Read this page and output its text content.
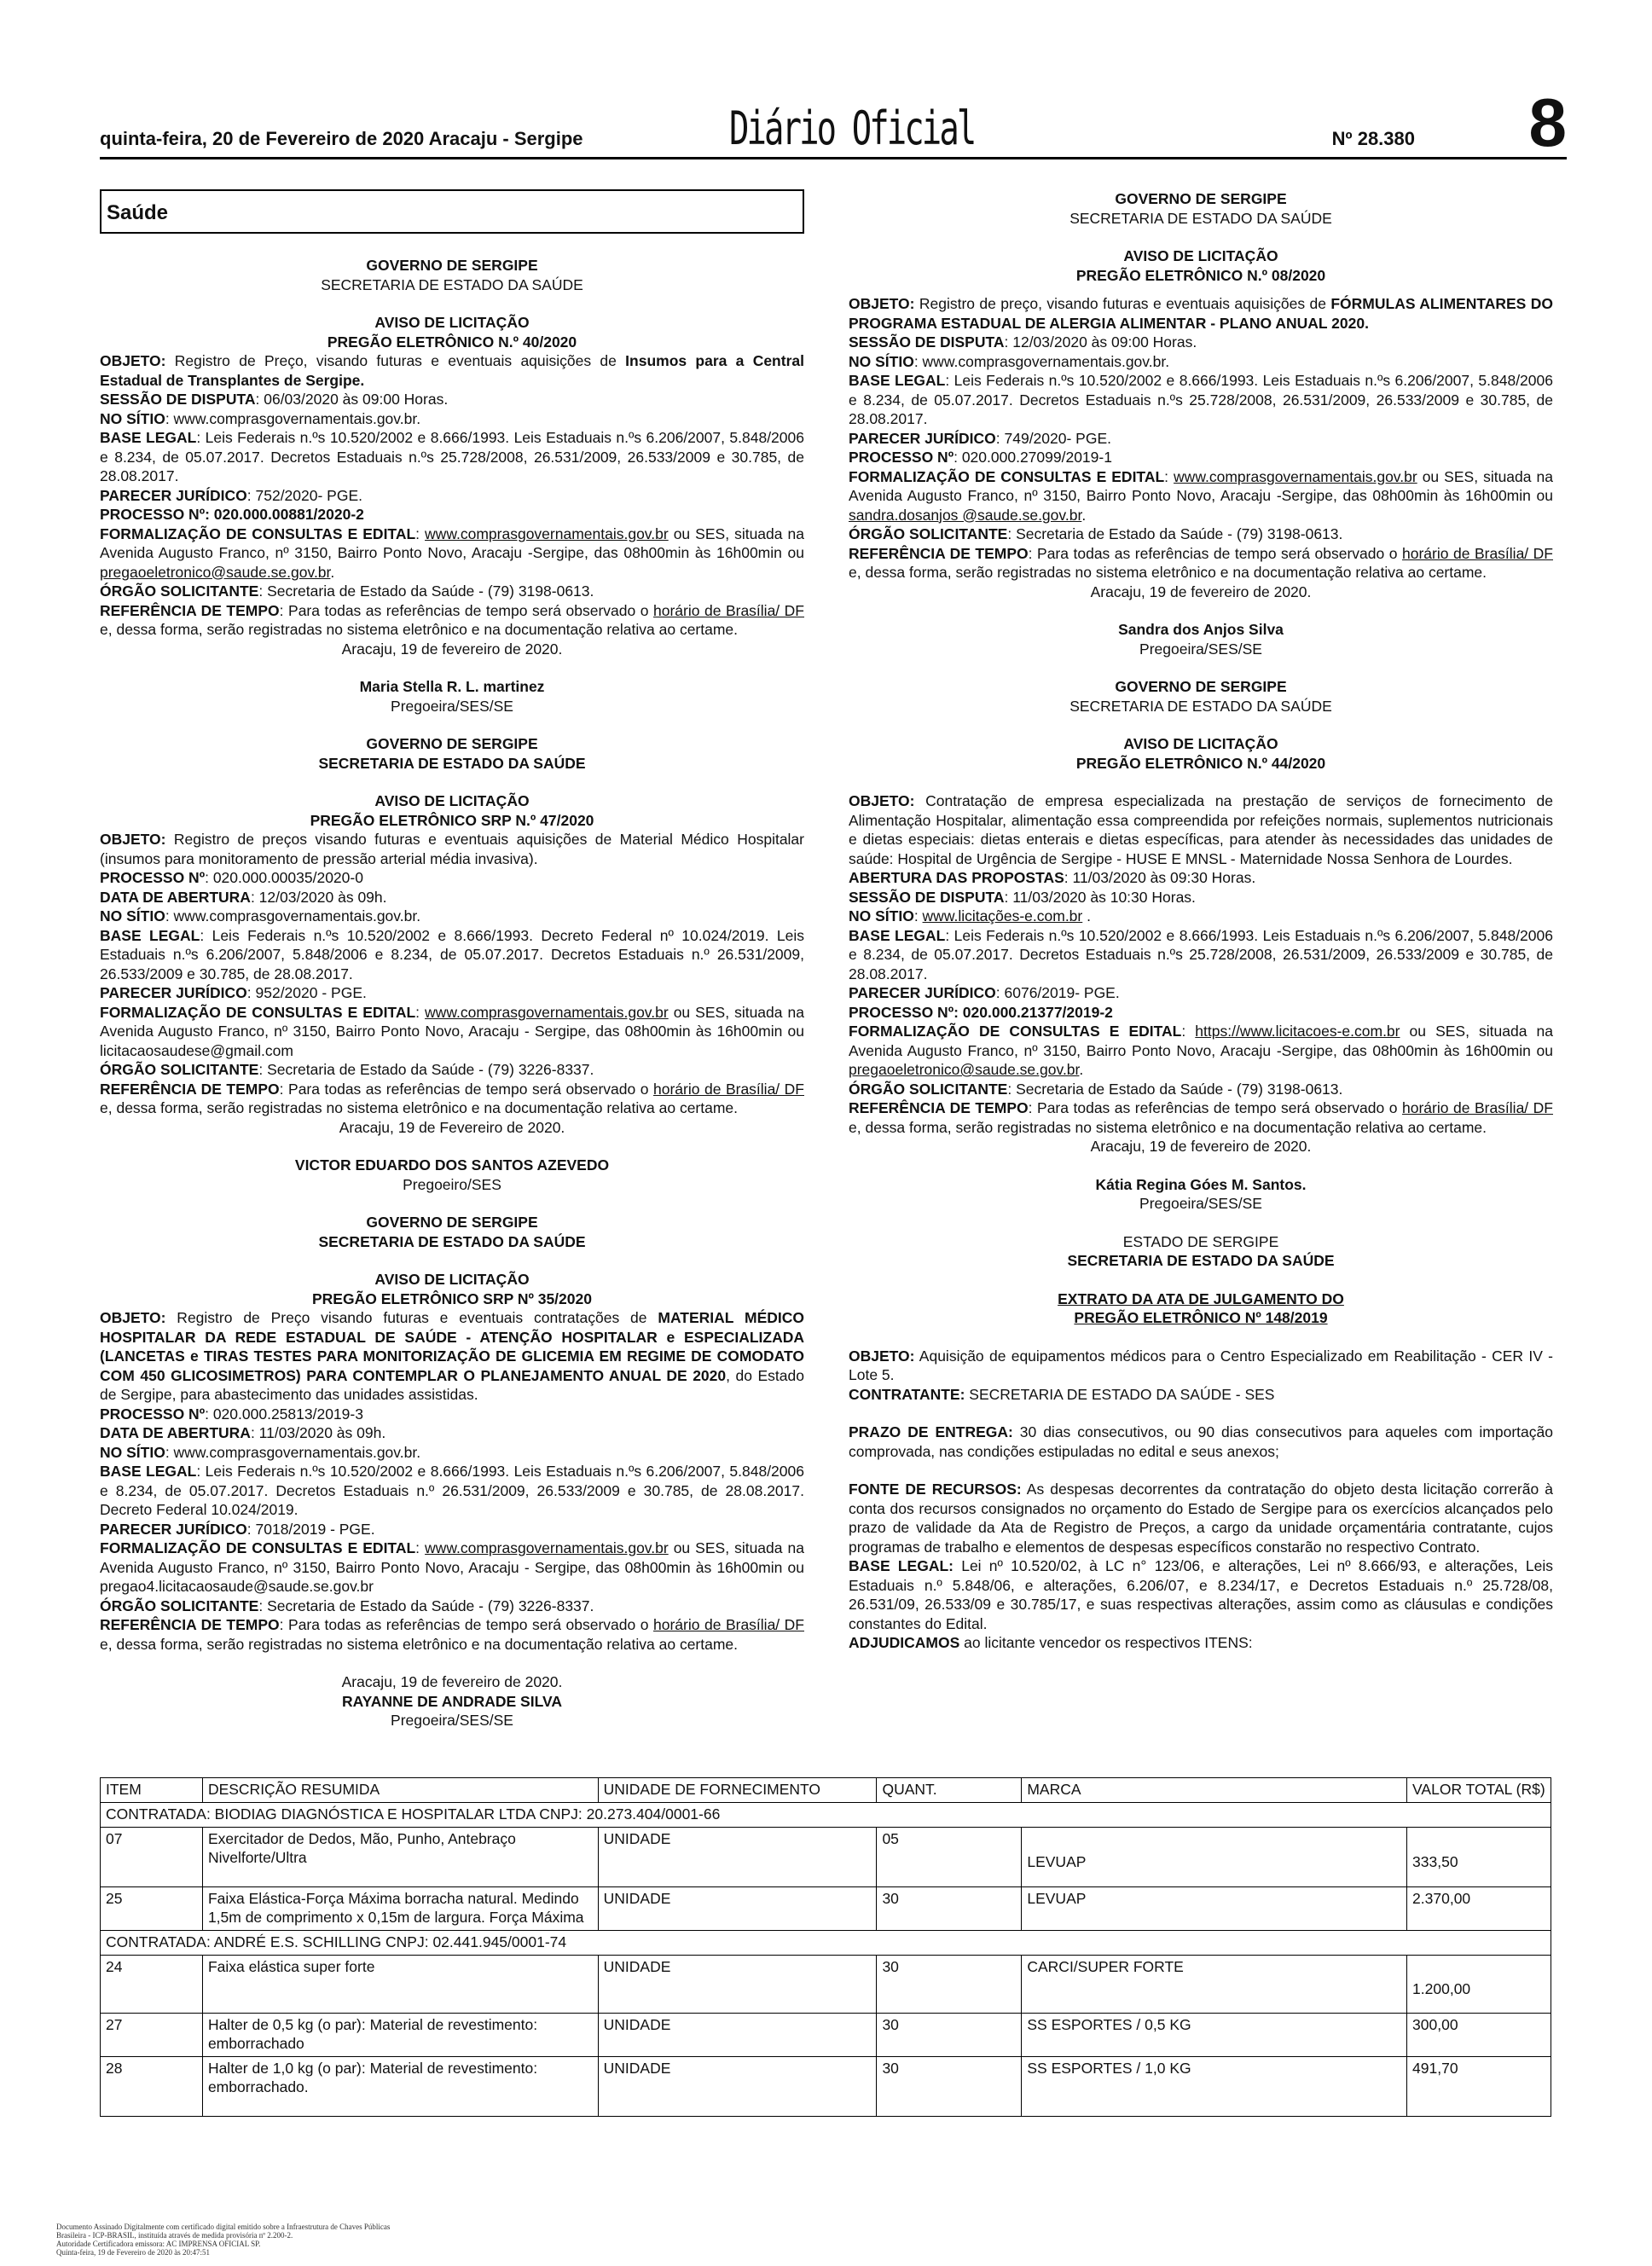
quinta-feira, 20 de Fevereiro de 2020 Aracaju - Sergipe	Diário Oficial	Nº 28.380 8
Saúde
GOVERNO DE SERGIPE
SECRETARIA DE ESTADO DA SAÚDE
AVISO DE LICITAÇÃO
PREGÃO ELETRÔNICO N.º 40/2020
OBJETO: Registro de Preço, visando futuras e eventuais aquisições de Insumos para a Central Estadual de Transplantes de Sergipe.
SESSÃO DE DISPUTA: 06/03/2020 às 09:00 Horas.
NO SÍTIO: www.comprasgovernamentais.gov.br.
BASE LEGAL: Leis Federais n.ºs 10.520/2002 e 8.666/1993. Leis Estaduais n.ºs 6.206/2007, 5.848/2006 e 8.234, de 05.07.2017. Decretos Estaduais n.ºs 25.728/2008, 26.531/2009, 26.533/2009 e 30.785, de 28.08.2017.
PARECER JURÍDICO: 752/2020- PGE.
PROCESSO Nº: 020.000.00881/2020-2
FORMALIZAÇÃO DE CONSULTAS E EDITAL: www.comprasgovernamentais.gov.br ou SES, situada na Avenida Augusto Franco, nº 3150, Bairro Ponto Novo, Aracaju -Sergipe, das 08h00min às 16h00min ou pregaoeletronico@saude.se.gov.br.
ÓRGÃO SOLICITANTE: Secretaria de Estado da Saúde - (79) 3198-0613.
REFERÊNCIA DE TEMPO: Para todas as referências de tempo será observado o horário de Brasília/ DF e, dessa forma, serão registradas no sistema eletrônico e na documentação relativa ao certame.
Aracaju, 19 de fevereiro de 2020.
Maria Stella R. L. martinez
Pregoeira/SES/SE
GOVERNO DE SERGIPE
SECRETARIA DE ESTADO DA SAÚDE
AVISO DE LICITAÇÃO
PREGÃO ELETRÔNICO SRP N.º 47/2020
OBJETO: Registro de preços visando futuras e eventuais aquisições de Material Médico Hospitalar (insumos para monitoramento de pressão arterial média invasiva).
PROCESSO Nº: 020.000.00035/2020-0
DATA DE ABERTURA: 12/03/2020 às 09h.
NO SÍTIO: www.comprasgovernamentais.gov.br.
BASE LEGAL: Leis Federais n.ºs 10.520/2002 e 8.666/1993. Decreto Federal nº 10.024/2019. Leis Estaduais n.ºs 6.206/2007, 5.848/2006 e 8.234, de 05.07.2017. Decretos Estaduais n.º 26.531/2009, 26.533/2009 e 30.785, de 28.08.2017.
PARECER JURÍDICO: 952/2020 - PGE.
FORMALIZAÇÃO DE CONSULTAS E EDITAL: www.comprasgovernamentais.gov.br ou SES, situada na Avenida Augusto Franco, nº 3150, Bairro Ponto Novo, Aracaju - Sergipe, das 08h00min às 16h00min ou licitacaosaudese@gmail.com
ÓRGÃO SOLICITANTE: Secretaria de Estado da Saúde - (79) 3226-8337.
REFERÊNCIA DE TEMPO: Para todas as referências de tempo será observado o horário de Brasília/ DF e, dessa forma, serão registradas no sistema eletrônico e na documentação relativa ao certame.
Aracaju, 19 de Fevereiro de 2020.
VICTOR EDUARDO DOS SANTOS AZEVEDO
Pregoeiro/SES
GOVERNO DE SERGIPE
SECRETARIA DE ESTADO DA SAÚDE
AVISO DE LICITAÇÃO
PREGÃO ELETRÔNICO SRP Nº 35/2020
OBJETO: Registro de Preço visando futuras e eventuais contratações de MATERIAL MÉDICO HOSPITALAR DA REDE ESTADUAL DE SAÚDE - ATENÇÃO HOSPITALAR e ESPECIALIZADA (LANCETAS e TIRAS TESTES PARA MONITORIZAÇÃO DE GLICEMIA EM REGIME DE COMODATO COM 450 GLICOSIMETROS) PARA CONTEMPLAR O PLANEJAMENTO ANUAL DE 2020, do Estado de Sergipe, para abastecimento das unidades assistidas.
PROCESSO Nº: 020.000.25813/2019-3
DATA DE ABERTURA: 11/03/2020 às 09h.
NO SÍTIO: www.comprasgovernamentais.gov.br.
BASE LEGAL: Leis Federais n.ºs 10.520/2002 e 8.666/1993. Leis Estaduais n.ºs 6.206/2007, 5.848/2006 e 8.234, de 05.07.2017. Decretos Estaduais n.º 26.531/2009, 26.533/2009 e 30.785, de 28.08.2017. Decreto Federal 10.024/2019.
PARECER JURÍDICO: 7018/2019 - PGE.
FORMALIZAÇÃO DE CONSULTAS E EDITAL: www.comprasgovernamentais.gov.br ou SES, situada na Avenida Augusto Franco, nº 3150, Bairro Ponto Novo, Aracaju - Sergipe, das 08h00min às 16h00min ou pregao4.licitacaosaude@saude.se.gov.br
ÓRGÃO SOLICITANTE: Secretaria de Estado da Saúde - (79) 3226-8337.
REFERÊNCIA DE TEMPO: Para todas as referências de tempo será observado o horário de Brasília/ DF e, dessa forma, serão registradas no sistema eletrônico e na documentação relativa ao certame.
Aracaju, 19 de fevereiro de 2020.
RAYANNE DE ANDRADE SILVA
Pregoeira/SES/SE
GOVERNO DE SERGIPE
SECRETARIA DE ESTADO DA SAÚDE
AVISO DE LICITAÇÃO
PREGÃO ELETRÔNICO N.º 08/2020
OBJETO: Registro de preço, visando futuras e eventuais aquisições de FÓRMULAS ALIMENTARES DO PROGRAMA ESTADUAL DE ALERGIA ALIMENTAR - PLANO ANUAL 2020.
SESSÃO DE DISPUTA: 12/03/2020 às 09:00 Horas.
NO SÍTIO: www.comprasgovernamentais.gov.br.
BASE LEGAL: Leis Federais n.ºs 10.520/2002 e 8.666/1993. Leis Estaduais n.ºs 6.206/2007, 5.848/2006 e 8.234, de 05.07.2017. Decretos Estaduais n.ºs 25.728/2008, 26.531/2009, 26.533/2009 e 30.785, de 28.08.2017.
PARECER JURÍDICO: 749/2020- PGE.
PROCESSO Nº: 020.000.27099/2019-1
FORMALIZAÇÃO DE CONSULTAS E EDITAL: www.comprasgovernamentais.gov.br ou SES, situada na Avenida Augusto Franco, nº 3150, Bairro Ponto Novo, Aracaju -Sergipe, das 08h00min às 16h00min ou sandra.dosanjos @saude.se.gov.br.
ÓRGÃO SOLICITANTE: Secretaria de Estado da Saúde - (79) 3198-0613.
REFERÊNCIA DE TEMPO: Para todas as referências de tempo será observado o horário de Brasília/ DF e, dessa forma, serão registradas no sistema eletrônico e na documentação relativa ao certame.
Aracaju, 19 de fevereiro de 2020.
Sandra dos Anjos Silva
Pregoeira/SES/SE
GOVERNO DE SERGIPE
SECRETARIA DE ESTADO DA SAÚDE
AVISO DE LICITAÇÃO
PREGÃO ELETRÔNICO N.º 44/2020
OBJETO: Contratação de empresa especializada na prestação de serviços de fornecimento de Alimentação Hospitalar, alimentação essa compreendida por refeições normais, suplementos nutricionais e dietas especiais: dietas enterais e dietas específicas, para atender às necessidades das unidades de saúde: Hospital de Urgência de Sergipe - HUSE E MNSL - Maternidade Nossa Senhora de Lourdes.
ABERTURA DAS PROPOSTAS: 11/03/2020 às 09:30 Horas.
SESSÃO DE DISPUTA: 11/03/2020 às 10:30 Horas.
NO SÍTIO: www.licitações-e.com.br .
BASE LEGAL: Leis Federais n.ºs 10.520/2002 e 8.666/1993. Leis Estaduais n.ºs 6.206/2007, 5.848/2006 e 8.234, de 05.07.2017. Decretos Estaduais n.ºs 25.728/2008, 26.531/2009, 26.533/2009 e 30.785, de 28.08.2017.
PARECER JURÍDICO: 6076/2019- PGE.
PROCESSO Nº: 020.000.21377/2019-2
FORMALIZAÇÃO DE CONSULTAS E EDITAL: https://www.licitacoes-e.com.br ou SES, situada na Avenida Augusto Franco, nº 3150, Bairro Ponto Novo, Aracaju -Sergipe, das 08h00min às 16h00min ou pregaoeletronico@saude.se.gov.br.
ÓRGÃO SOLICITANTE: Secretaria de Estado da Saúde - (79) 3198-0613.
REFERÊNCIA DE TEMPO: Para todas as referências de tempo será observado o horário de Brasília/ DF e, dessa forma, serão registradas no sistema eletrônico e na documentação relativa ao certame.
Aracaju, 19 de fevereiro de 2020.
Kátia Regina Góes M. Santos.
Pregoeira/SES/SE
ESTADO DE SERGIPE
SECRETARIA DE ESTADO DA SAÚDE
EXTRATO DA ATA DE JULGAMENTO DO
PREGÃO ELETRÔNICO Nº 148/2019
OBJETO: Aquisição de equipamentos médicos para o Centro Especializado em Reabilitação - CER IV - Lote 5.
CONTRATANTE: SECRETARIA DE ESTADO DA SAÚDE - SES
PRAZO DE ENTREGA: 30 dias consecutivos, ou 90 dias consecutivos para aqueles com importação comprovada, nas condições estipuladas no edital e seus anexos;
FONTE DE RECURSOS: As despesas decorrentes da contratação do objeto desta licitação correrão à conta dos recursos consignados no orçamento do Estado de Sergipe para os exercícios alcançados pelo prazo de validade da Ata de Registro de Preços, a cargo da unidade orçamentária contratante, cujos programas de trabalho e elementos de despesas específicos constarão no respectivo Contrato.
BASE LEGAL: Lei nº 10.520/02, à LC n° 123/06, e alterações, Lei nº 8.666/93, e alterações, Leis Estaduais n.º 5.848/06, e alterações, 6.206/07, e 8.234/17, e Decretos Estaduais n.º 25.728/08, 26.531/09, 26.533/09 e 30.785/17, e suas respectivas alterações, assim como as cláusulas e condições constantes do Edital.
ADJUDICAMOS ao licitante vencedor os respectivos ITENS:
ITEM	DESCRIÇÃO RESUMIDA	UNIDADE DE FORNECIMENTO	QUANT.	MARCA	VALOR TOTAL (R$)
CONTRATADA: BIODIAG DIAGNÓSTICA E HOSPITALAR LTDA CNPJ: 20.273.404/0001-66					
07	Exercitador de Dedos, Mão, Punho, Antebraço Nivelforte/Ultra	UNIDADE	05	LEVUAP	333,50
25	Faixa Elástica-Força Máxima borracha natural. Medindo 1,5m de comprimento x 0,15m de largura. Força Máxima	UNIDADE	30	LEVUAP	2.370,00
CONTRATADA: ANDRÉ E.S. SCHILLING CNPJ: 02.441.945/0001-74					
24	Faixa elástica super forte	UNIDADE	30	CARCI/SUPER FORTE	1.200,00
27	Halter de 0,5 kg (o par): Material de revestimento: emborrachado	UNIDADE	30	SS ESPORTES / 0,5 KG	300,00
28	Halter de 1,0 kg (o par): Material de revestimento: emborrachado.	UNIDADE	30	SS ESPORTES / 1,0 KG	491,70
Documento Assinado Digitalmente com certificado digital emitido sobre a Infraestrutura de Chaves Públicas
Brasileira - ICP-BRASIL, instituída através de medida provisória nº 2.200-2.
Autoridade Certificadora emissora: AC IMPRENSA OFICIAL SP.
Quinta-feira, 19 de Fevereiro de 2020 às 20:47:51
